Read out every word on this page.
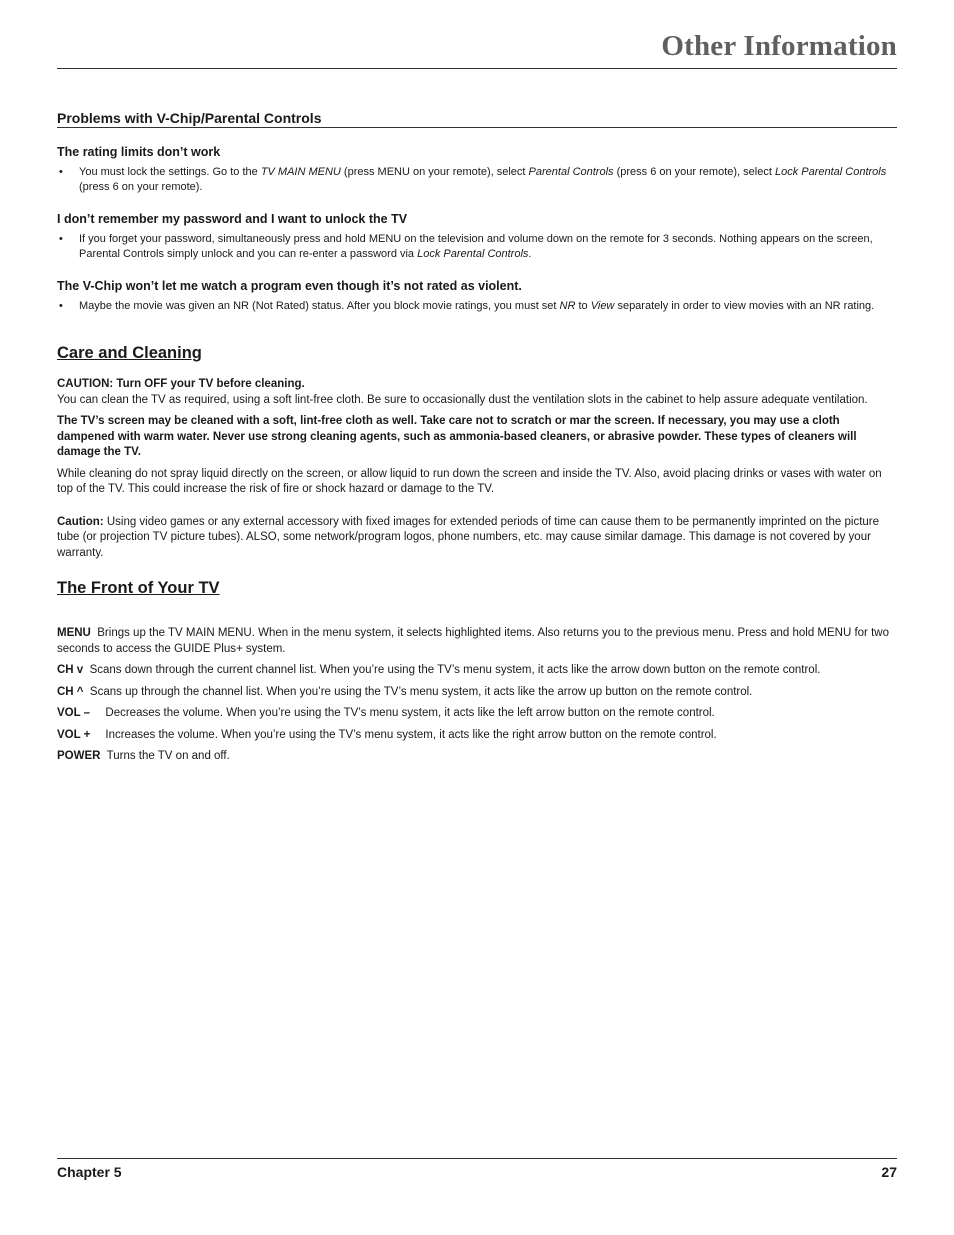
Other Information
Problems with V-Chip/Parental Controls
The rating limits don’t work
• You must lock the settings. Go to the TV MAIN MENU (press MENU on your remote), select Parental Controls (press 6 on your remote), select Lock Parental Controls (press 6 on your remote).
I don’t remember my password and I want to unlock the TV
• If you forget your password, simultaneously press and hold MENU on the television and volume down on the remote for 3 seconds. Nothing appears on the screen, Parental Controls simply unlock and you can re-enter a password via Lock Parental Controls.
The V-Chip won’t let me watch a program even though it’s not rated as violent.
• Maybe the movie was given an NR (Not Rated) status. After you block movie ratings, you must set NR to View separately in order to view movies with an NR rating.
Care and Cleaning

CAUTION: Turn OFF your TV before cleaning.

You can clean the TV as required, using a soft lint-free cloth. Be sure to occasionally dust the ventilation slots in the cabinet to help assure adequate ventilation.

The TV’s screen may be cleaned with a soft, lint-free cloth as well. Take care not to scratch or mar the screen. If necessary, you may use a cloth dampened with warm water. Never use strong cleaning agents, such as ammonia-based cleaners, or abrasive powder. These types of cleaners will damage the TV.

While cleaning do not spray liquid directly on the screen, or allow liquid to run down the screen and inside the TV. Also, avoid placing drinks or vases with water on top of the TV. This could increase the risk of fire or shock hazard or damage to the TV.

Caution: Using video games or any external accessory with fixed images for extended periods of time can cause them to be permanently imprinted on the picture tube (or projection TV picture tubes). ALSO, some network/program logos, phone numbers, etc. may cause similar damage. This damage is not covered by your warranty.

The Front of Your TV

MENU Brings up the TV MAIN MENU. When in the menu system, it selects highlighted items. Also returns you to the previous menu. Press and hold MENU for two seconds to access the GUIDE Plus+ system.

CH v Scans down through the current channel list. When you’re using the TV’s menu system, it acts like the arrow down button on the remote control.

CH ^ Scans up through the channel list. When you’re using the TV’s menu system, it acts like the arrow up button on the remote control.

VOL – Decreases the volume. When you’re using the TV’s menu system, it acts like the left arrow button on the remote control.

VOL + Increases the volume. When you’re using the TV’s menu system, it acts like the right arrow button on the remote control.

POWER Turns the TV on and off.

Chapter 5	27
